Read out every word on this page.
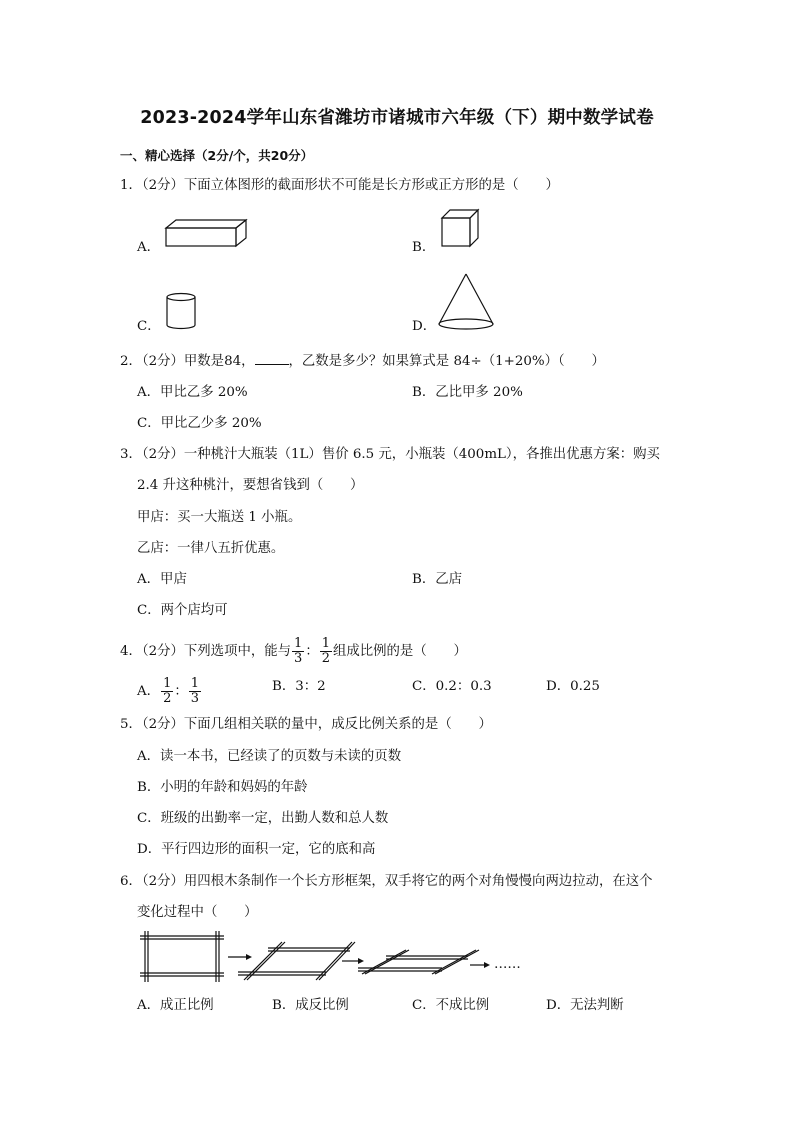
2023-2024学年山东省潍坊市诸城市六年级（下）期中数学试卷
一、精心选择（2分/个，共20分）
1．（2分）下面立体图形的截面形状不可能是长方形或正方形的是（　　）
A．	B．
C．	D．
2．（2分）甲数是84，	，乙数是多少？如果算式是 84÷（1+20%）（　　）
A．甲比乙多 20%	B．乙比甲多 20%
C．甲比乙少多 20%
3．（2分）一种桃汁大瓶装（1L）售价 6.5 元，小瓶装（400mL），各推出优惠方案：购买
2.4 升这种桃汁，要想省钱到（　　）
甲店：买一大瓶送 1 小瓶。
乙店：一律八五折优惠。
A．甲店	B．乙店
C．两个店均可
4．（2分）下列选项中，能与 $\frac{1}{3}$ ： $\frac{1}{2}$ 组成比例的是（　　）
A． $\frac{1}{2}$ ： $\frac{1}{3}$	B．3：2	C．0.2：0.3	D．0.25
5．（2分）下面几组相关联的量中，成反比例关系的是（　　）
A．读一本书，已经读了的页数与未读的页数
B．小明的年龄和妈妈的年龄
C．班级的出勤率一定，出勤人数和总人数
D．平行四边形的面积一定，它的底和高
6．（2分）用四根木条制作一个长方形框架，双手将它的两个对角慢慢向两边拉动，在这个
变化过程中（　　）
……
A．成正比例	B．成反比例	C．不成比例	D．无法判断
